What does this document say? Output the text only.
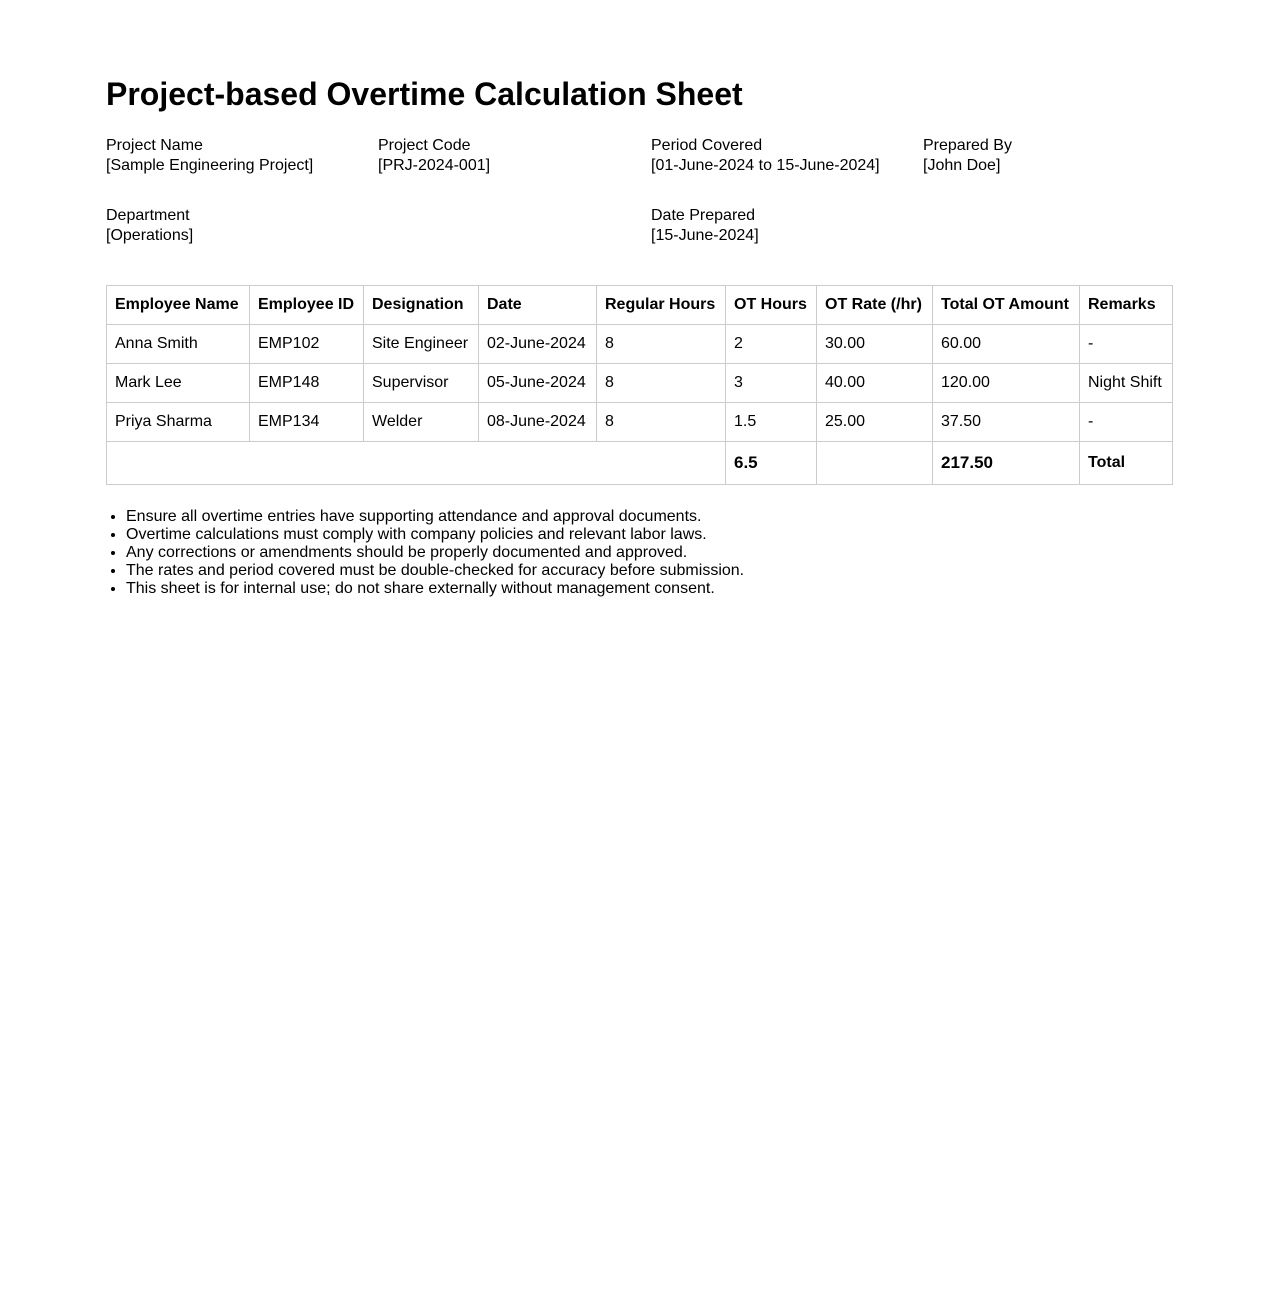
Project-based Overtime Calculation Sheet
Project Name
[Sample Engineering Project]
Project Code
[PRJ-2024-001]
Period Covered
[01-June-2024 to 15-June-2024]
Prepared By
[John Doe]
Department
[Operations]
Date Prepared
[15-June-2024]
Employee Name	Employee ID	Designation	Date	Regular Hours	OT Hours	OT Rate (/hr)	Total OT Amount	Remarks
Anna Smith	EMP102	Site Engineer	02-June-2024	8	2	30.00	60.00	-
Mark Lee	EMP148	Supervisor	05-June-2024	8	3	40.00	120.00	Night Shift
Priya Sharma	EMP134	Welder	08-June-2024	8	1.5	25.00	37.50	-
					6.5		217.50	Total
• Ensure all overtime entries have supporting attendance and approval documents.
• Overtime calculations must comply with company policies and relevant labor laws.
• Any corrections or amendments should be properly documented and approved.
• The rates and period covered must be double-checked for accuracy before submission.
• This sheet is for internal use; do not share externally without management consent.
